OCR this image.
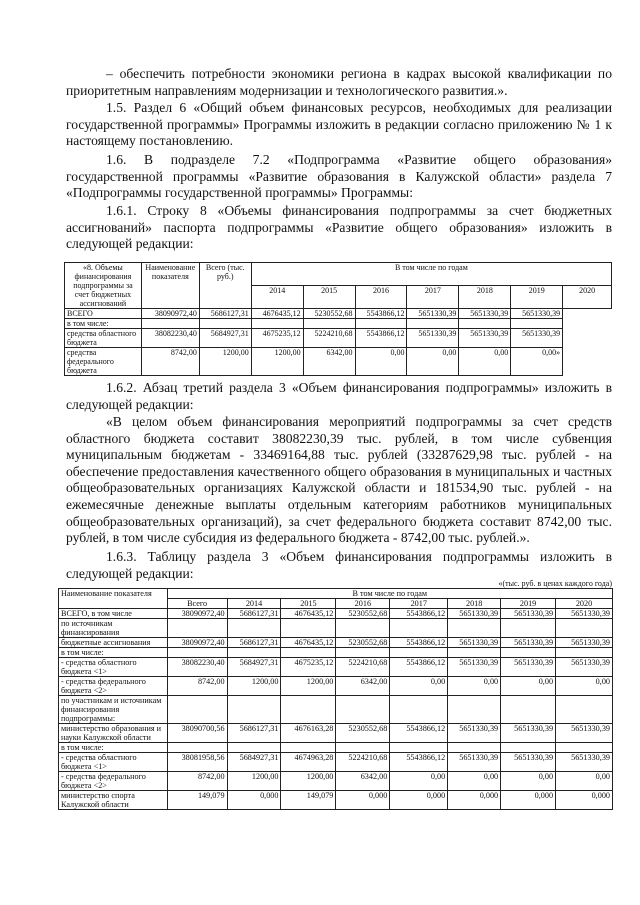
– обеспечить потребности экономики региона в кадрах высокой квалификации по приоритетным направлениям модернизации и технологического развития.».
1.5. Раздел 6 «Общий объем финансовых ресурсов, необходимых для реализации государственной программы» Программы изложить в редакции согласно приложению № 1 к настоящему постановлению.
1.6. В подразделе 7.2 «Подпрограмма «Развитие общего образования» государственной программы «Развитие образования в Калужской области» раздела 7 «Подпрограммы государственной программы» Программы:
1.6.1. Строку 8 «Объемы финансирования подпрограммы за счет бюджетных ассигнований» паспорта подпрограммы «Развитие общего образования» изложить в следующей редакции:
«8. Объемы финансирования подпрограммы за счет бюджетных ассигнований	Наименование показателя	Всего (тыс. руб.)	В том числе по годам
2014	2015	2016	2017	2018	2019	2020
ВСЕГО	38090972,40	5686127,31	4676435,12	5230552,68	5543866,12	5651330,39	5651330,39	5651330,39
в том числе:								
средства областного бюджета	38082230,40	5684927,31	4675235,12	5224210,68	5543866,12	5651330,39	5651330,39	5651330,39
средства федерального бюджета	8742,00	1200,00	1200,00	6342,00	0,00	0,00	0,00	0,00»
1.6.2. Абзац третий раздела 3 «Объем финансирования подпрограммы» изложить в следующей редакции:
«В целом объем финансирования мероприятий подпрограммы за счет средств областного бюджета составит 38082230,39 тыс. рублей, в том числе субвенция муниципальным бюджетам - 33469164,88 тыс. рублей (33287629,98 тыс. рублей - на обеспечение предоставления качественного общего образования в муниципальных и частных общеобразовательных организациях Калужской области и 181534,90 тыс. рублей - на ежемесячные денежные выплаты отдельным категориям работников муниципальных общеобразовательных организаций), за счет федерального бюджета составит 8742,00 тыс. рублей, в том числе субсидия из федерального бюджета - 8742,00 тыс. рублей.».
1.6.3. Таблицу раздела 3 «Объем финансирования подпрограммы изложить в следующей редакции:
«(тыс. руб. в ценах каждого года)
Наименование показателя	В том числе по годам							
	Всего	2014	2015	2016	2017	2018	2019	2020
ВСЕГО, в том числе	38090972,40	5686127,31	4676435,12	5230552,68	5543866,12	5651330,39	5651330,39	5651330,39
по источникам финансирования								
бюджетные ассигнования	38090972,40	5686127,31	4676435,12	5230552,68	5543866,12	5651330,39	5651330,39	5651330,39
в том числе:								
- средства областного бюджета <1>	38082230,40	5684927,31	4675235,12	5224210,68	5543866,12	5651330,39	5651330,39	5651330,39
- средства федерального бюджета <2>	8742,00	1200,00	1200,00	6342,00	0,00	0,00	0,00	0,00
по участникам и источникам финансирования подпрограммы:								
министерство образования и науки Калужской области	38090700,56	5686127,31	4676163,28	5230552,68	5543866,12	5651330,39	5651330,39	5651330,39
в том числе:								
- средства областного бюджета <1>	38081958,56	5684927,31	4674963,28	5224210,68	5543866,12	5651330,39	5651330,39	5651330,39
- средства федерального бюджета <2>	8742,00	1200,00	1200,00	6342,00	0,00	0,00	0,00	0,00
министерство спорта Калужской области	149,079	0,000	149,079	0,000	0,000	0,000	0,000	0,000
